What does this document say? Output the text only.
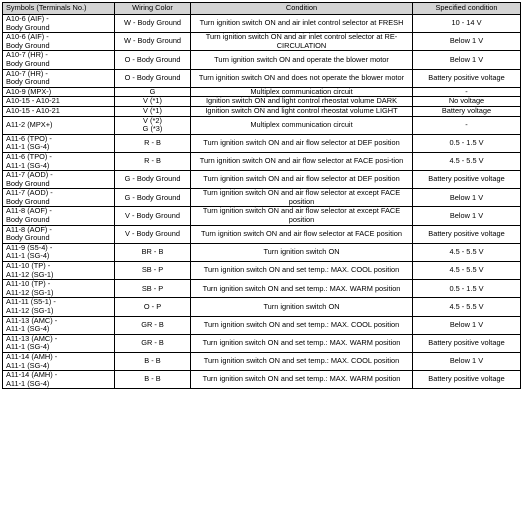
Symbols (Terminals No.)	Wiring Color	Condition	Specified condition
A10-6 (AIF) -
Body Ground	W - Body Ground	Turn ignition switch ON and air inlet control selector at FRESH	10 - 14 V
A10-6 (AIF) -
Body Ground	W - Body Ground	Turn ignition switch ON and air inlet control selector at RE-CIRCULATION	Below 1 V
A10-7 (HR) -
Body Ground	O - Body Ground	Turn ignition switch ON and operate the blower motor	Below 1 V
A10-7 (HR) -
Body Ground	O - Body Ground	Turn ignition switch ON and does not operate the blower motor	Battery positive voltage
A10-9 (MPX-)	G	Multiplex communication circuit	-
A10-15 - A10-21	V (*1)	Ignition switch ON and light control rheostat volume DARK	No voltage
A10-15 - A10-21	V (*1)	Ignition switch ON and light control rheostat volume LIGHT	Battery voltage
A11-2 (MPX+)	V (*2)
G (*3)	Multiplex communication circuit	-
A11-6 (TPO) -
A11-1 (SG-4)	R - B	Turn ignition switch ON and air flow selector at DEF position	0.5 - 1.5 V
A11-6 (TPO) -
A11-1 (SG-4)	R - B	Turn ignition switch ON and air flow selector at FACE posi-tion	4.5 - 5.5 V
A11-7 (AOD) -
Body Ground	G - Body Ground	Turn ignition switch ON and air flow selector at DEF position	Battery positive voltage
A11-7 (AOD) -
Body Ground	G - Body Ground	Turn ignition switch ON and air flow selector at except FACE position	Below 1 V
A11-8 (AOF) -
Body Ground	V - Body Ground	Turn ignition switch ON and air flow selector at except FACE position	Below 1 V
A11-8 (AOF) -
Body Ground	V - Body Ground	Turn ignition switch ON and air flow selector at FACE position	Battery positive voltage
A11-9 (S5-4) -
A11-1 (SG-4)	BR - B	Turn ignition switch ON	4.5 - 5.5 V
A11-10 (TP) -
A11-12 (SG-1)	SB - P	Turn ignition switch ON and set temp.: MAX. COOL position	4.5 - 5.5 V
A11-10 (TP) -
A11-12 (SG-1)	SB - P	Turn ignition switch ON and set temp.: MAX. WARM position	0.5 - 1.5 V
A11-11 (S5-1) -
A11-12 (SG-1)	O - P	Turn ignition switch ON	4.5 - 5.5 V
A11-13 (AMC) -
A11-1 (SG-4)	GR - B	Turn ignition switch ON and set temp.: MAX. COOL position	Below 1 V
A11-13 (AMC) -
A11-1 (SG-4)	GR - B	Turn ignition switch ON and set temp.: MAX. WARM position	Battery positive voltage
A11-14 (AMH) -
A11-1 (SG-4)	B - B	Turn ignition switch ON and set temp.: MAX. COOL position	Below 1 V
A11-14 (AMH) -
A11-1 (SG-4)	B - B	Turn ignition switch ON and set temp.: MAX. WARM position	Battery positive voltage
